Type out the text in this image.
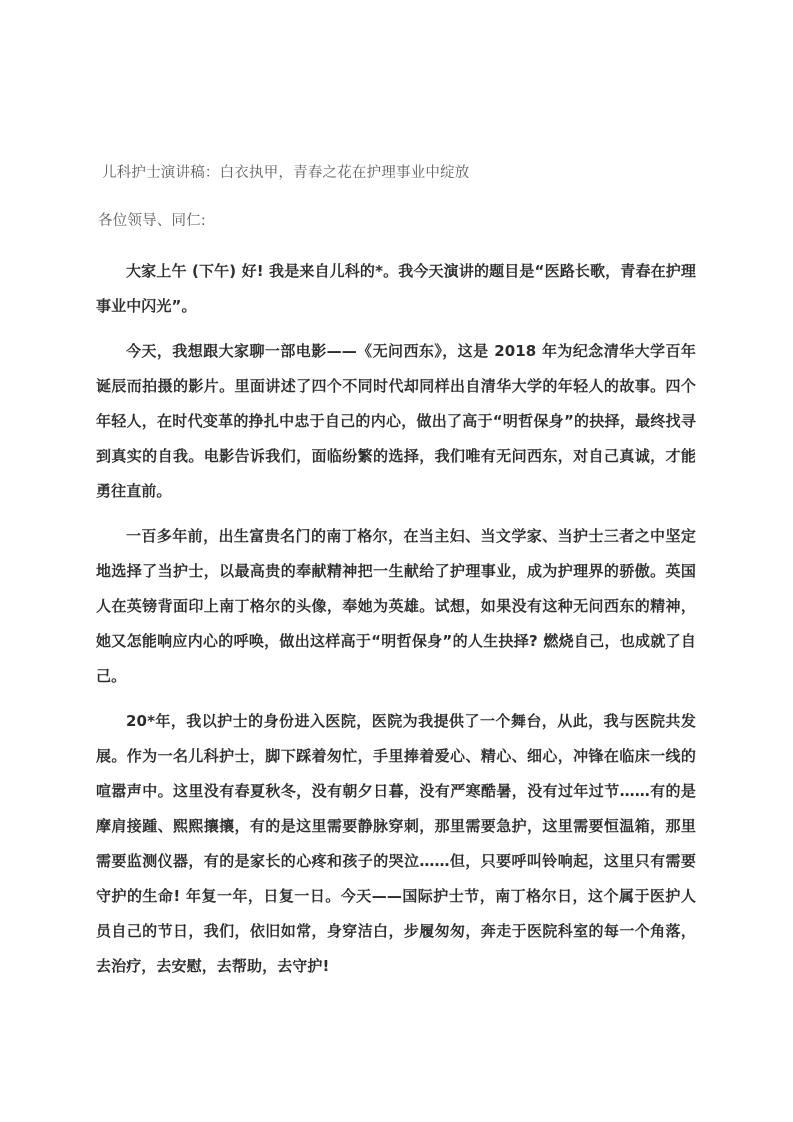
儿科护士演讲稿：白衣执甲，青春之花在护理事业中绽放

各位领导、同仁:

大家上午 (下午) 好! 我是来自儿科的*。我今天演讲的题目是“医路长歌，青春在护理事业中闪光”。

今天，我想跟大家聊一部电影——《无问西东》，这是 2018 年为纪念清华大学百年诞辰而拍摄的影片。里面讲述了四个不同时代却同样出自清华大学的年轻人的故事。四个年轻人，在时代变革的挣扎中忠于自己的内心，做出了高于“明哲保身”的抉择，最终找寻到真实的自我。电影告诉我们，面临纷繁的选择，我们唯有无问西东，对自己真诚，才能勇往直前。

一百多年前，出生富贵名门的南丁格尔，在当主妇、当文学家、当护士三者之中坚定地选择了当护士，以最高贵的奉献精神把一生献给了护理事业，成为护理界的骄傲。英国人在英镑背面印上南丁格尔的头像，奉她为英雄。试想，如果没有这种无问西东的精神，她又怎能响应内心的呼唤，做出这样高于“明哲保身”的人生抉择? 燃烧自己，也成就了自己。

20*年，我以护士的身份进入医院，医院为我提供了一个舞台，从此，我与医院共发展。作为一名儿科护士，脚下踩着匆忙，手里捧着爱心、精心、细心，冲锋在临床一线的喧嚣声中。这里没有春夏秋冬，没有朝夕日暮，没有严寒酷暑，没有过年过节……有的是摩肩接踵、熙熙攘攘，有的是这里需要静脉穿刺，那里需要急护，这里需要恒温箱，那里需要监测仪器，有的是家长的心疼和孩子的哭泣……但，只要呼叫铃响起，这里只有需要守护的生命! 年复一年，日复一日。今天——国际护士节，南丁格尔日，这个属于医护人员自己的节日，我们，依旧如常，身穿洁白，步履匆匆，奔走于医院科室的每一个角落，去治疗，去安慰，去帮助，去守护!
